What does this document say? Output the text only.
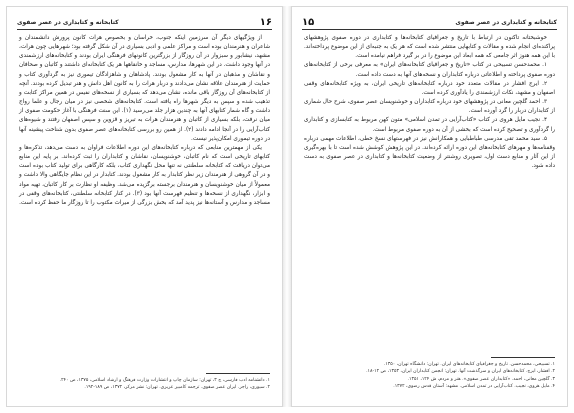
۱۶
کتابخانه و کتابداری در عصر صفوی

از ویژگیهای دیگر آن سرزمین اینکه جنوب، خراسان و بخصوص هرات کانون پرورش دانشمندان و شاعران و هنرمندان بوده است و مراکز علمی و ادبی بسیاری در آن شکل گرفته بود؛ شهرهایی چون هرات، مشهد، نیشابور و سبزوار در آن روزگار از بزرگترین کانونهای فرهنگی ایران بودند و کتابخانه‌های ارزشمندی در آنها وجود داشت. در این شهرها، مدارس، مساجد و خانقاهها هر یک کتابخانه‌ای داشتند و کاتبان و صحافان و نقاشان و مذهبان در آنها به کار مشغول بودند. پادشاهان و شاهزادگان تیموری نیز به گردآوری کتاب و حمایت از هنرمندان علاقه نشان می‌دادند و دربار هرات را به کانون اهل دانش و هنر تبدیل کرده بودند. آنچه از کتابخانه‌های آن روزگار باقی مانده، نشان می‌دهد که بسیاری از نسخه‌های نفیس در همین مراکز کتابت و تذهیب شده و سپس به دیگر شهرها راه یافته است. کتابخانه‌های شخصی نیز در میان رجال و علما رواج داشت و گاه شمار کتابهای آنها به چندین هزار جلد می‌رسید (۱). این سنت فرهنگی با آغاز حکومت صفوی از میان نرفت، بلکه بسیاری از کاتبان و هنرمندان هرات به تبریز و قزوین و سپس اصفهان رفتند و شیوه‌های کتاب‌آرایی را در آنجا ادامه دادند (۲). از همین رو بررسی کتابخانه‌های عصر صفوی بدون شناخت پیشینه آنها در دوره تیموری امکان‌پذیر نیست.

یکی از مهمترین منابعی که درباره کتابخانه‌های این دوره اطلاعات فراوان به دست می‌دهد، تذکره‌ها و کتابهای تاریخی است که نام کاتبان، خوشنویسان، نقاشان و کتابداران را ثبت کرده‌اند. بر پایه این منابع می‌توان دریافت که کتابخانه سلطنتی نه تنها محل نگهداری کتاب، بلکه کارگاهی برای تولید کتاب بوده است و در آن گروهی از هنرمندان زیر نظر کتابدار به کار مشغول بودند. کتابدار در این نظام جایگاهی والا داشت و معمولاً از میان خوشنویسان و هنرمندان برجسته برگزیده می‌شد. وظیفه او نظارت بر کار کاتبان، تهیه مواد و ابزار، نگهداری از نسخه‌ها و تنظیم فهرست آنها بود (۳). در کنار کتابخانه سلطنتی، کتابخانه‌های وقفی در مساجد و مدارس و آستانه‌ها نیز پدید آمد که بخش بزرگی از میراث مکتوب را تا روزگار ما حفظ کرده است.

۱. دانشنامه ادب فارسی، ج ۳، تهران: سازمان چاپ و انتشارات وزارت فرهنگ و ارشاد اسلامی، ۱۳۷۵، ص ۲۴۰.
۲. سیوری، راجر. ایران عصر صفوی. ترجمه کامبیز عزیزی. تهران: نشر مرکز، ۱۳۷۲، ص ۱۸۹-۱۹۲.
کتابخانه و کتابداری در عصر صفوی
۱۵

خوشبختانه تاکنون در ارتباط با تاریخ و جغرافیای کتابخانه‌ها و کتابداری در دوره صفوی پژوهشهای پراکنده‌ای انجام شده و مقالات و کتابهایی منتشر شده است که هر یک به جنبه‌ای از این موضوع پرداخته‌اند. با این همه هنوز اثر جامعی که همه ابعاد این موضوع را در بر گیرد فراهم نیامده است.

۱. محمدحسن تسبیحی در کتاب «تاریخ و جغرافیای کتابخانه‌های ایران» به معرفی برخی از کتابخانه‌های دوره صفوی پرداخته و اطلاعاتی درباره کتابداران و نسخه‌های آنها به دست داده است.

۲. ایرج افشار در مقالات متعدد خود درباره کتابخانه‌های تاریخی ایران، به ویژه کتابخانه‌های وقفی اصفهان و مشهد، نکات ارزشمندی را یادآوری کرده است.

۳. احمد گلچین معانی در پژوهشهای خود درباره کتابداران و خوشنویسان عصر صفوی، شرح حال شماری از کتابداران دربار را گرد آورده است.

۴. نجیب مایل هروی در کتاب «کتاب‌آرایی در تمدن اسلامی» متون کهن مربوط به کتابسازی و کتابداری را گردآوری و تصحیح کرده است که بخشی از آن به دوره صفوی مربوط است.

۵. سید محمد تقی مدرسی طباطبایی و همکارانش نیز در فهرستهای نسخ خطی، اطلاعات مهمی درباره وقفنامه‌ها و مهرهای کتابخانه‌های این دوره ارائه کرده‌اند. در این پژوهش کوشش شده است تا با بهره‌گیری از این آثار و منابع دست اول، تصویری روشنتر از وضعیت کتابخانه‌ها و کتابداری در عصر صفوی به دست داده شود.

۱. تسبیحی، محمدحسن. تاریخ و جغرافیای کتابخانه‌های ایران. تهران: دانشگاه تهران، ۱۳۵۰.
۲. افشار، ایرج. کتابخانه‌های ایران و سرگذشت آنها. تهران: انجمن کتابداران ایران، ۱۳۵۳، ص ۱۲-۱۸.
۳. گلچین معانی، احمد. «کتابداران عصر صفوی». هنر و مردم، ش ۱۲۴، ۱۳۵۱.
۴. مایل هروی، نجیب. کتاب‌آرایی در تمدن اسلامی. مشهد: آستان قدس رضوی، ۱۳۷۲.
